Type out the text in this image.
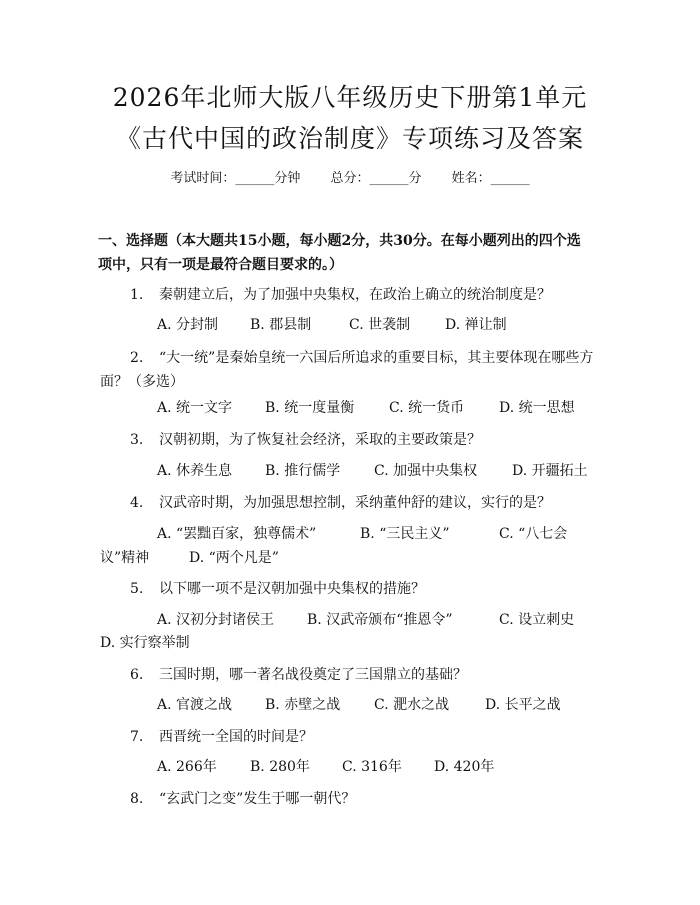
2026年北师大版八年级历史下册第1单元
《古代中国的政治制度》专项练习及答案
考试时间：______分钟 总分：______分 姓名：______
一、选择题（本大题共15小题，每小题2分，共30分。在每小题列出的四个选
项中，只有一项是最符合题目要求的。）
1. 秦朝建立后，为了加强中央集权，在政治上确立的统治制度是？
A. 分封制 B. 郡县制	C. 世袭制 D. 禅让制
2. “大一统”是秦始皇统一六国后所追求的重要目标，其主要体现在哪些方
面？（多选）
A. 统一文字 B. 统一度量衡 C. 统一货币 D. 统一思想
3. 汉朝初期，为了恢复社会经济，采取的主要政策是？
A. 休养生息 B. 推行儒学 C. 加强中央集权 D. 开疆拓土
4. 汉武帝时期，为加强思想控制，采纳董仲舒的建议，实行的是？
A. “罢黜百家，独尊儒术”	B. “三民主义”	C. “八七会
议”精神	D. “两个凡是”
5. 以下哪一项不是汉朝加强中央集权的措施？
A. 汉初分封诸侯王 B. 汉武帝颁布“推恩令”	C. 设立刺史
D. 实行察举制
6. 三国时期，哪一著名战役奠定了三国鼎立的基础？
A. 官渡之战 B. 赤壁之战 C. 淝水之战	D. 长平之战
7. 西晋统一全国的时间是？
A. 266年 B. 280年 C. 316年 D. 420年
8. “玄武门之变”发生于哪一朝代？
